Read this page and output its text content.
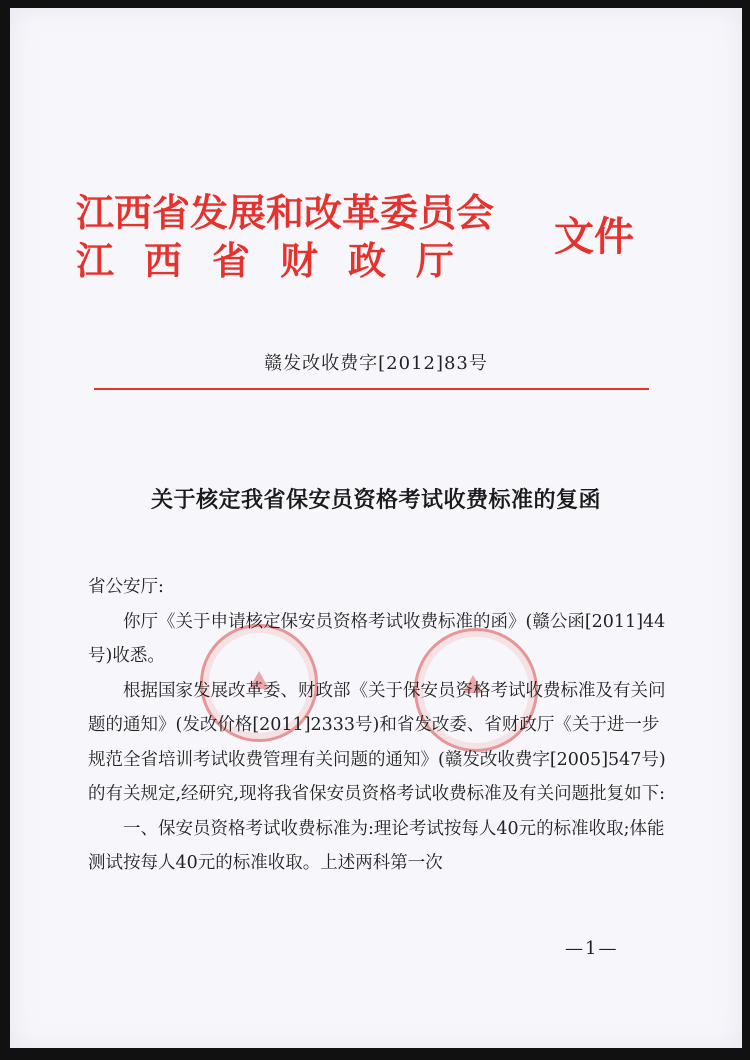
江西省发展和改革委员会
江西省财政厅
文件
赣发改收费字[2012]83号
关于核定我省保安员资格考试收费标准的复函

省公安厅:

你厅《关于申请核定保安员资格考试收费标准的函》(赣公函[2011]44号)收悉。

根据国家发展改革委、财政部《关于保安员资格考试收费标准及有关问题的通知》(发改价格[2011]2333号)和省发改委、省财政厅《关于进一步规范全省培训考试收费管理有关问题的通知》(赣发改收费字[2005]547号)的有关规定,经研究,现将我省保安员资格考试收费标准及有关问题批复如下:

一、保安员资格考试收费标准为:理论考试按每人40元的标准收取;体能测试按每人40元的标准收取。上述两科第一次

—1—
